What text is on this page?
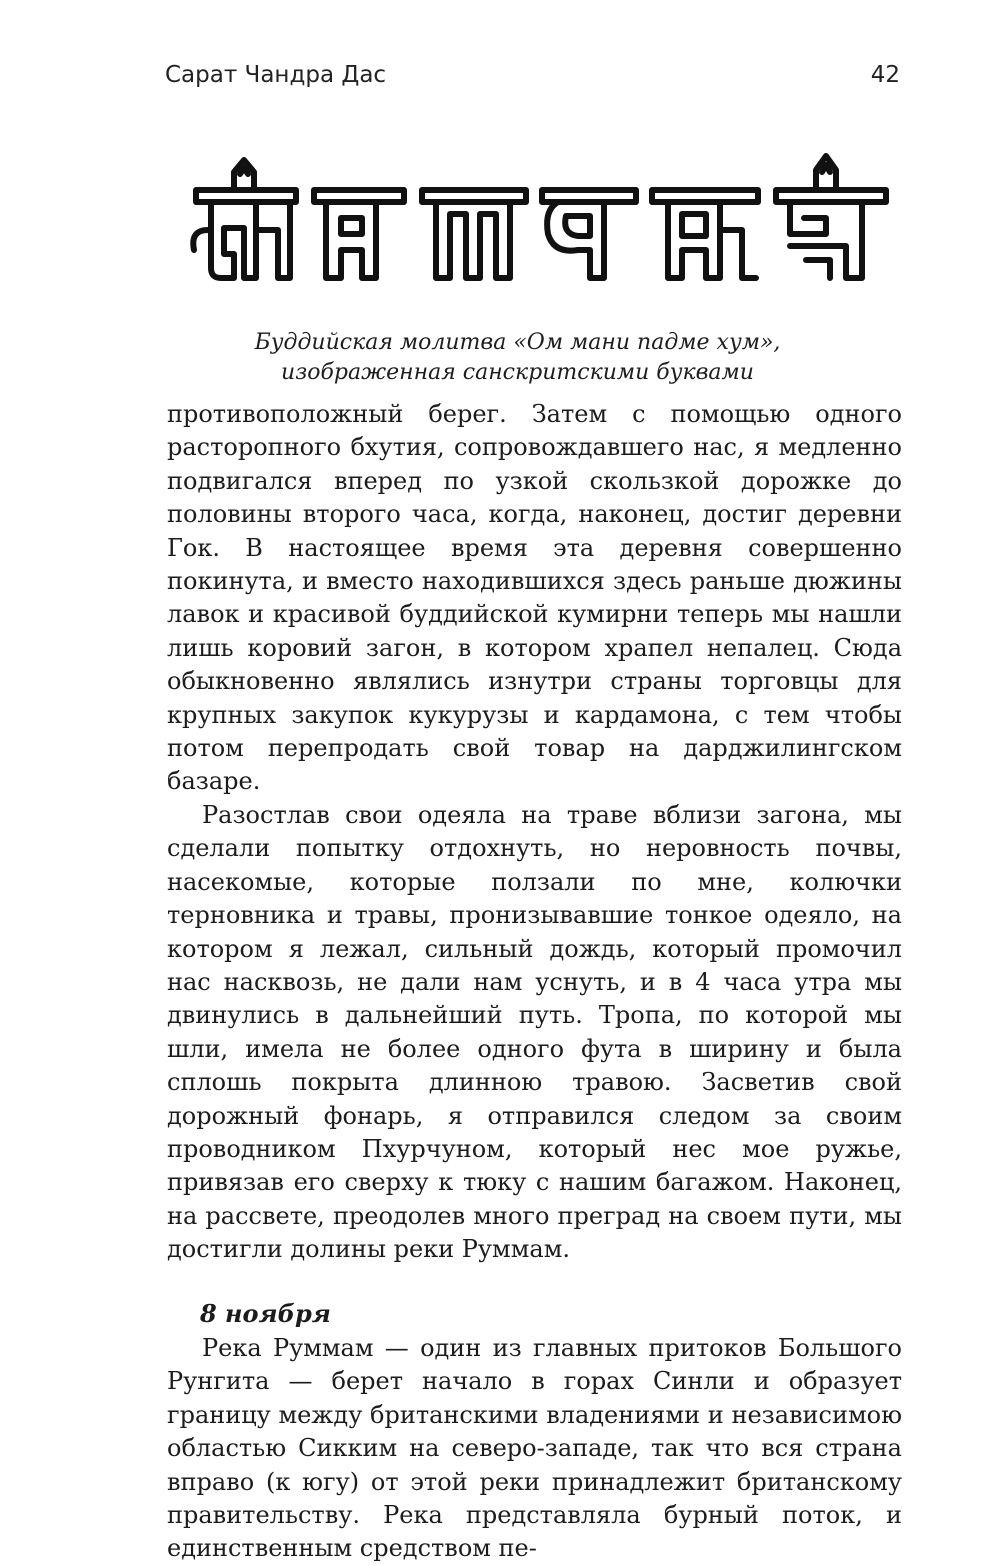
Сарат Чандра Дас	42
Буддийская молитва «Ом мани падме хум»,
изображенная санскритскими буквами

противоположный берег. Затем с помощью одного расторопного бхутия, сопровождавшего нас, я медленно подвигался вперед по узкой скользкой дорожке до половины второго часа, когда, наконец, достиг деревни Гок. В настоящее время эта деревня совершенно покинута, и вместо находившихся здесь раньше дюжины лавок и красивой буддийской кумирни теперь мы нашли лишь коровий загон, в котором храпел непалец. Сюда обыкновенно являлись изнутри страны торговцы для крупных закупок кукурузы и кардамона, с тем чтобы потом перепродать свой товар на дарджилингском базаре.

Разостлав свои одеяла на траве вблизи загона, мы сделали попытку отдохнуть, но неровность почвы, насекомые, которые ползали по мне, колючки терновника и травы, пронизывавшие тонкое одеяло, на котором я лежал, сильный дождь, который промочил нас насквозь, не дали нам уснуть, и в 4 часа утра мы двинулись в дальнейший путь. Тропа, по которой мы шли, имела не более одного фута в ширину и была сплошь покрыта длинною травою. Засветив свой дорожный фонарь, я отправился следом за своим проводником Пхурчуном, который нес мое ружье, привязав его сверху к тюку с нашим багажом. Наконец, на рассвете, преодолев много преград на своем пути, мы достигли долины реки Руммам.

8 ноября

Река Руммам — один из главных притоков Большого Рунгита — берет начало в горах Синли и образует границу между британскими владениями и независимою областью Сикким на северо-западе, так что вся страна вправо (к югу) от этой реки принадлежит британскому правительству. Река представляла бурный поток, и единственным средством пе-
